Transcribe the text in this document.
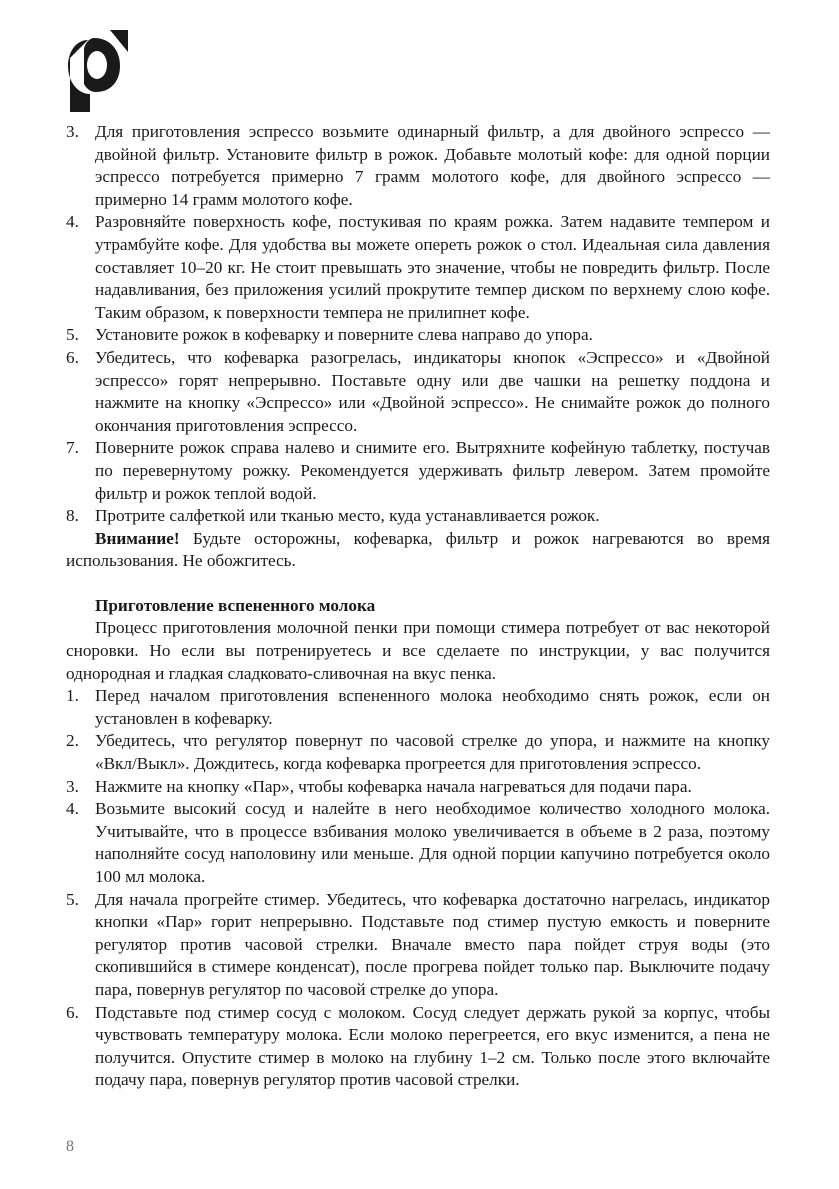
3. Для приготовления эспрессо возьмите одинарный фильтр, а для двойного эспрессо — двойной фильтр. Установите фильтр в рожок. Добавьте молотый кофе: для одной порции эспрессо потребуется примерно 7 грамм молотого кофе, для двойного эспрессо — примерно 14 грамм молотого кофе.
4. Разровняйте поверхность кофе, постукивая по краям рожка. Затем надавите темпером и утрамбуйте кофе. Для удобства вы можете опереть рожок о стол. Идеальная сила давления составляет 10–20 кг. Не стоит превышать это значение, чтобы не повредить фильтр. После надавливания, без приложения усилий прокрутите темпер диском по верхнему слою кофе. Таким образом, к поверхности темпера не прилипнет кофе.
5. Установите рожок в кофеварку и поверните слева направо до упора.
6. Убедитесь, что кофеварка разогрелась, индикаторы кнопок «Эспрессо» и «Двойной эспрессо» горят непрерывно. Поставьте одну или две чашки на решетку поддона и нажмите на кнопку «Эспрессо» или «Двойной эспрессо». Не снимайте рожок до полного окончания приготовления эспрессо.
7. Поверните рожок справа налево и снимите его. Вытряхните кофейную таблетку, постучав по перевернутому рожку. Рекомендуется удерживать фильтр левером. Затем промойте фильтр и рожок теплой водой.
8. Протрите салфеткой или тканью место, куда устанавливается рожок.

Внимание! Будьте осторожны, кофеварка, фильтр и рожок нагреваются во время использования. Не обожгитесь.

Приготовление вспененного молока

Процесс приготовления молочной пенки при помощи стимера потребует от вас некоторой сноровки. Но если вы потренируетесь и все сделаете по инструкции, у вас получится однородная и гладкая сладковато-сливочная на вкус пенка.

1. Перед началом приготовления вспененного молока необходимо снять рожок, если он установлен в кофеварку.
2. Убедитесь, что регулятор повернут по часовой стрелке до упора, и нажмите на кнопку «Вкл/Выкл». Дождитесь, когда кофеварка прогреется для приготовления эспрессо.
3. Нажмите на кнопку «Пар», чтобы кофеварка начала нагреваться для подачи пара.
4. Возьмите высокий сосуд и налейте в него необходимое количество холодного молока. Учитывайте, что в процессе взбивания молоко увеличивается в объеме в 2 раза, поэтому наполняйте сосуд наполовину или меньше. Для одной порции капучино потребуется около 100 мл молока.
5. Для начала прогрейте стимер. Убедитесь, что кофеварка достаточно нагрелась, индикатор кнопки «Пар» горит непрерывно. Подставьте под стимер пустую емкость и поверните регулятор против часовой стрелки. Вначале вместо пара пойдет струя воды (это скопившийся в стимере конденсат), после прогрева пойдет только пар. Выключите подачу пара, повернув регулятор по часовой стрелке до упора.
6. Подставьте под стимер сосуд с молоком. Сосуд следует держать рукой за корпус, чтобы чувствовать температуру молока. Если молоко перегреется, его вкус изменится, а пена не получится. Опустите стимер в молоко на глубину 1–2 см. Только после этого включайте подачу пара, повернув регулятор против часовой стрелки.
8
